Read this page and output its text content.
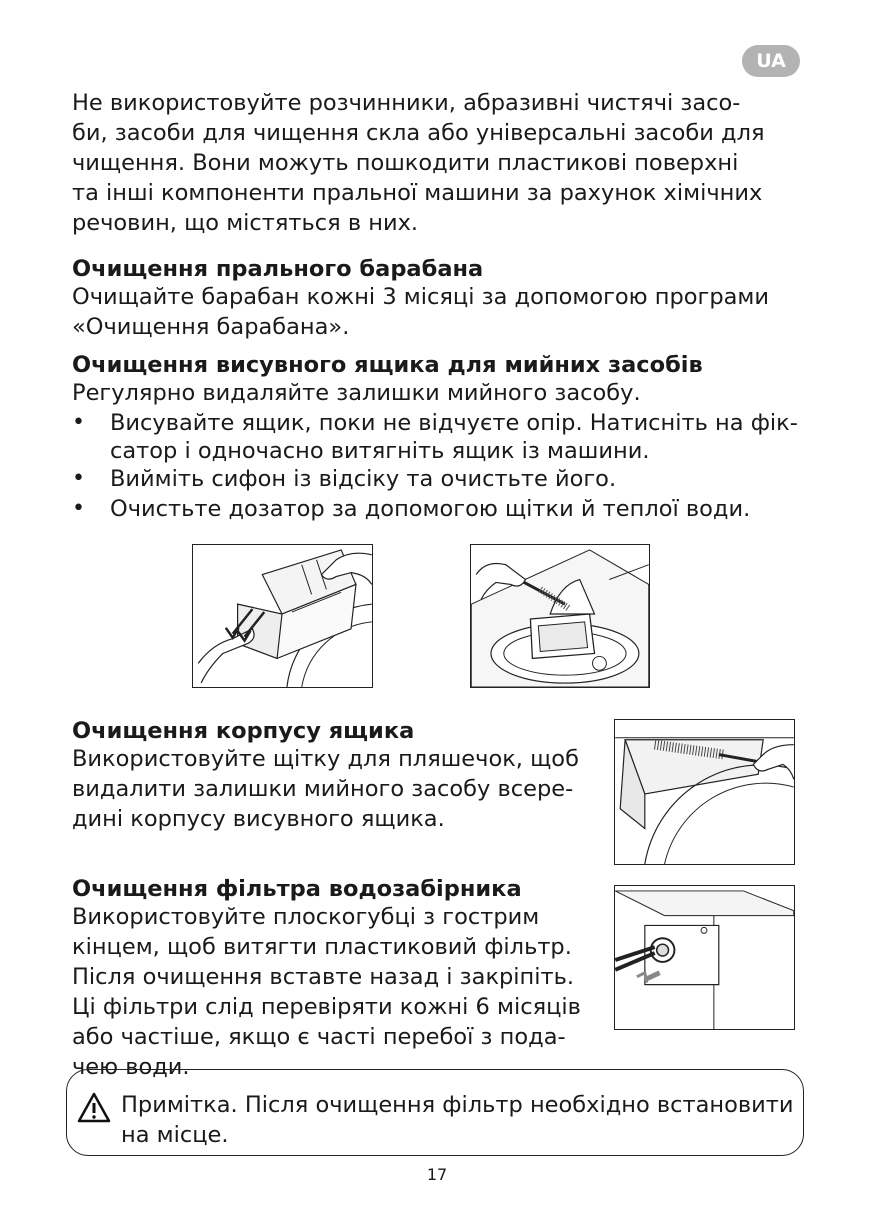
UA
Не використовуйте розчинники, абразивні чистячі засо-
би, засоби для чищення скла або універсальні засоби для
чищення. Вони можуть пошкодити пластикові поверхні
та інші компоненти пральної машини за рахунок хімічних
речовин, що містяться в них.
Очищення прального барабана
Очищайте барабан кожні 3 місяці за допомогою програми
«Очищення барабана».
Очищення висувного ящика для мийних засобів
Регулярно видаляйте залишки мийного засобу.
• Висувайте ящик, поки не відчуєте опір. Натисніть на фік-
сатор і одночасно витягніть ящик із машини.
• Вийміть сифон із відсіку та очистьте його.
• Очистьте дозатор за допомогою щітки й теплої води.
Очищення корпусу ящика
Використовуйте щітку для пляшечок, щоб
видалити залишки мийного засобу всере-
дині корпусу висувного ящика.
Очищення фільтра водозабірника
Використовуйте плоскогубці з гострим
кінцем, щоб витягти пластиковий фільтр.
Після очищення вставте назад і закріпіть.
Ці фільтри слід перевіряти кожні 6 місяців
або частіше, якщо є часті перебої з пода-
чею води.
Примітка. Після очищення фільтр необхідно встановити
на місце.
17
